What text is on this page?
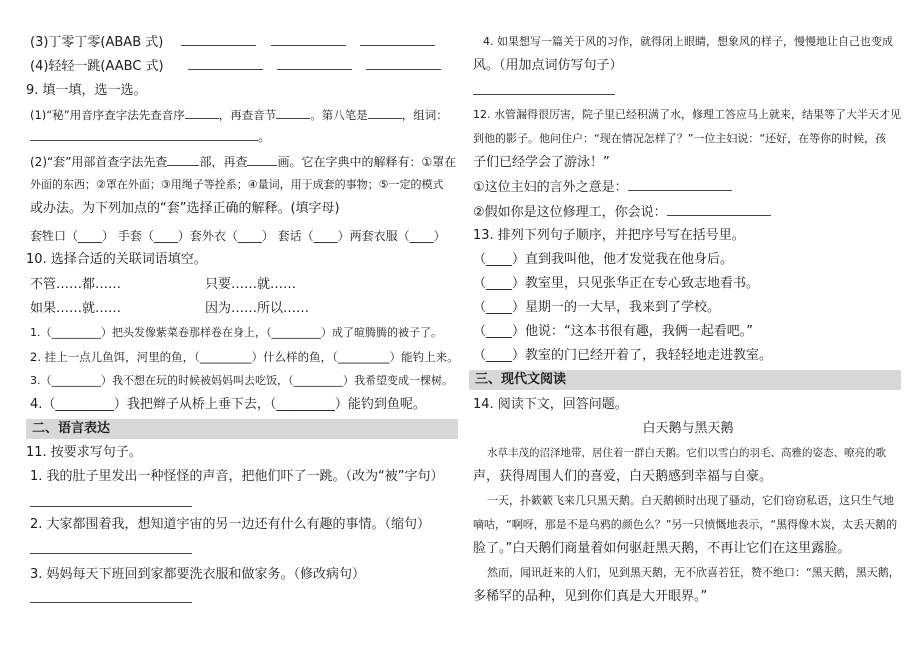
(3)丁零丁零(ABAB 式)
(4)轻轻一跳(AABC 式)
9. 填一填，选一选。
(1)“秘”用音序查字法先查音序	，再查音节	。第八笔是	，组词：
。
(2)“套”用部首查字法先查	部，再查	画。它在字典中的解释有：①罩在
外面的东西；②罩在外面；③用绳子等拴系；④量词，用于成套的事物；⑤一定的模式
或办法。为下列加点的“套”选择正确的解释。(填字母)
套牲口（____） 手套（____）套外衣（____） 套话（____）两套衣服（____）
10. 选择合适的关联词语填空。
不管……都……	只要……就……
如果……就……	因为……所以……
1.（_________）把头发像紫菜卷那样卷在身上，（_________）成了暄腾腾的被子了。
2. 挂上一点儿鱼饵，河里的鱼，（_________）什么样的鱼，（_________）能钓上来。
3.（_________）我不想在玩的时候被妈妈叫去吃饭，（_________）我希望变成一棵树。
4.（_________）我把辫子从桥上垂下去，（_________）能钓到鱼呢。
二、语言表达
11. 按要求写句子。
1. 我的肚子里发出一种怪怪的声音，把他们吓了一跳。（改为“被”字句）
2. 大家都围着我，想知道宇宙的另一边还有什么有趣的事情。（缩句）
3. 妈妈每天下班回到家都要洗衣服和做家务。（修改病句）
4. 如果想写一篇关于风的习作，就得闭上眼睛，想象风的样子，慢慢地让自己也变成
风。（用加点词仿写句子）
12. 水管漏得很厉害，院子里已经积满了水，修理工答应马上就来，结果等了大半天才见
到他的影子。他问住户：“现在情况怎样了？”一位主妇说：“还好，在等你的时候，孩
子们已经学会了游泳！”
①这位主妇的言外之意是：
②假如你是这位修理工，你会说：
13. 排列下列句子顺序，并把序号写在括号里。
（____）直到我叫他，他才发觉我在他身后。
（____）教室里，只见张华正在专心致志地看书。
（____）星期一的一大早，我来到了学校。
（____）他说：“这本书很有趣，我俩一起看吧。”
（____）教室的门已经开着了，我轻轻地走进教室。
三、现代文阅读
14. 阅读下文，回答问题。
白天鹅与黑天鹅
水草丰茂的沼泽地带，居住着一群白天鹅。它们以雪白的羽毛、高雅的姿态、嘹亮的歌
声，获得周围人们的喜爱，白天鹅感到幸福与自豪。
一天，扑簌簌飞来几只黑天鹅。白天鹅顿时出现了骚动，它们窃窃私语，这只生气地
嘀咕，“啊呀，那是不是乌鸦的颜色么？”另一只愤慨地表示，“黑得像木炭，太丢天鹅的
脸了。”白天鹅们商量着如何驱赶黑天鹅，不再让它们在这里露脸。
然而，闻讯赶来的人们，见到黑天鹅，无不欣喜若狂，赞不绝口：“黑天鹅，黑天鹅，
多稀罕的品种，见到你们真是大开眼界。”
